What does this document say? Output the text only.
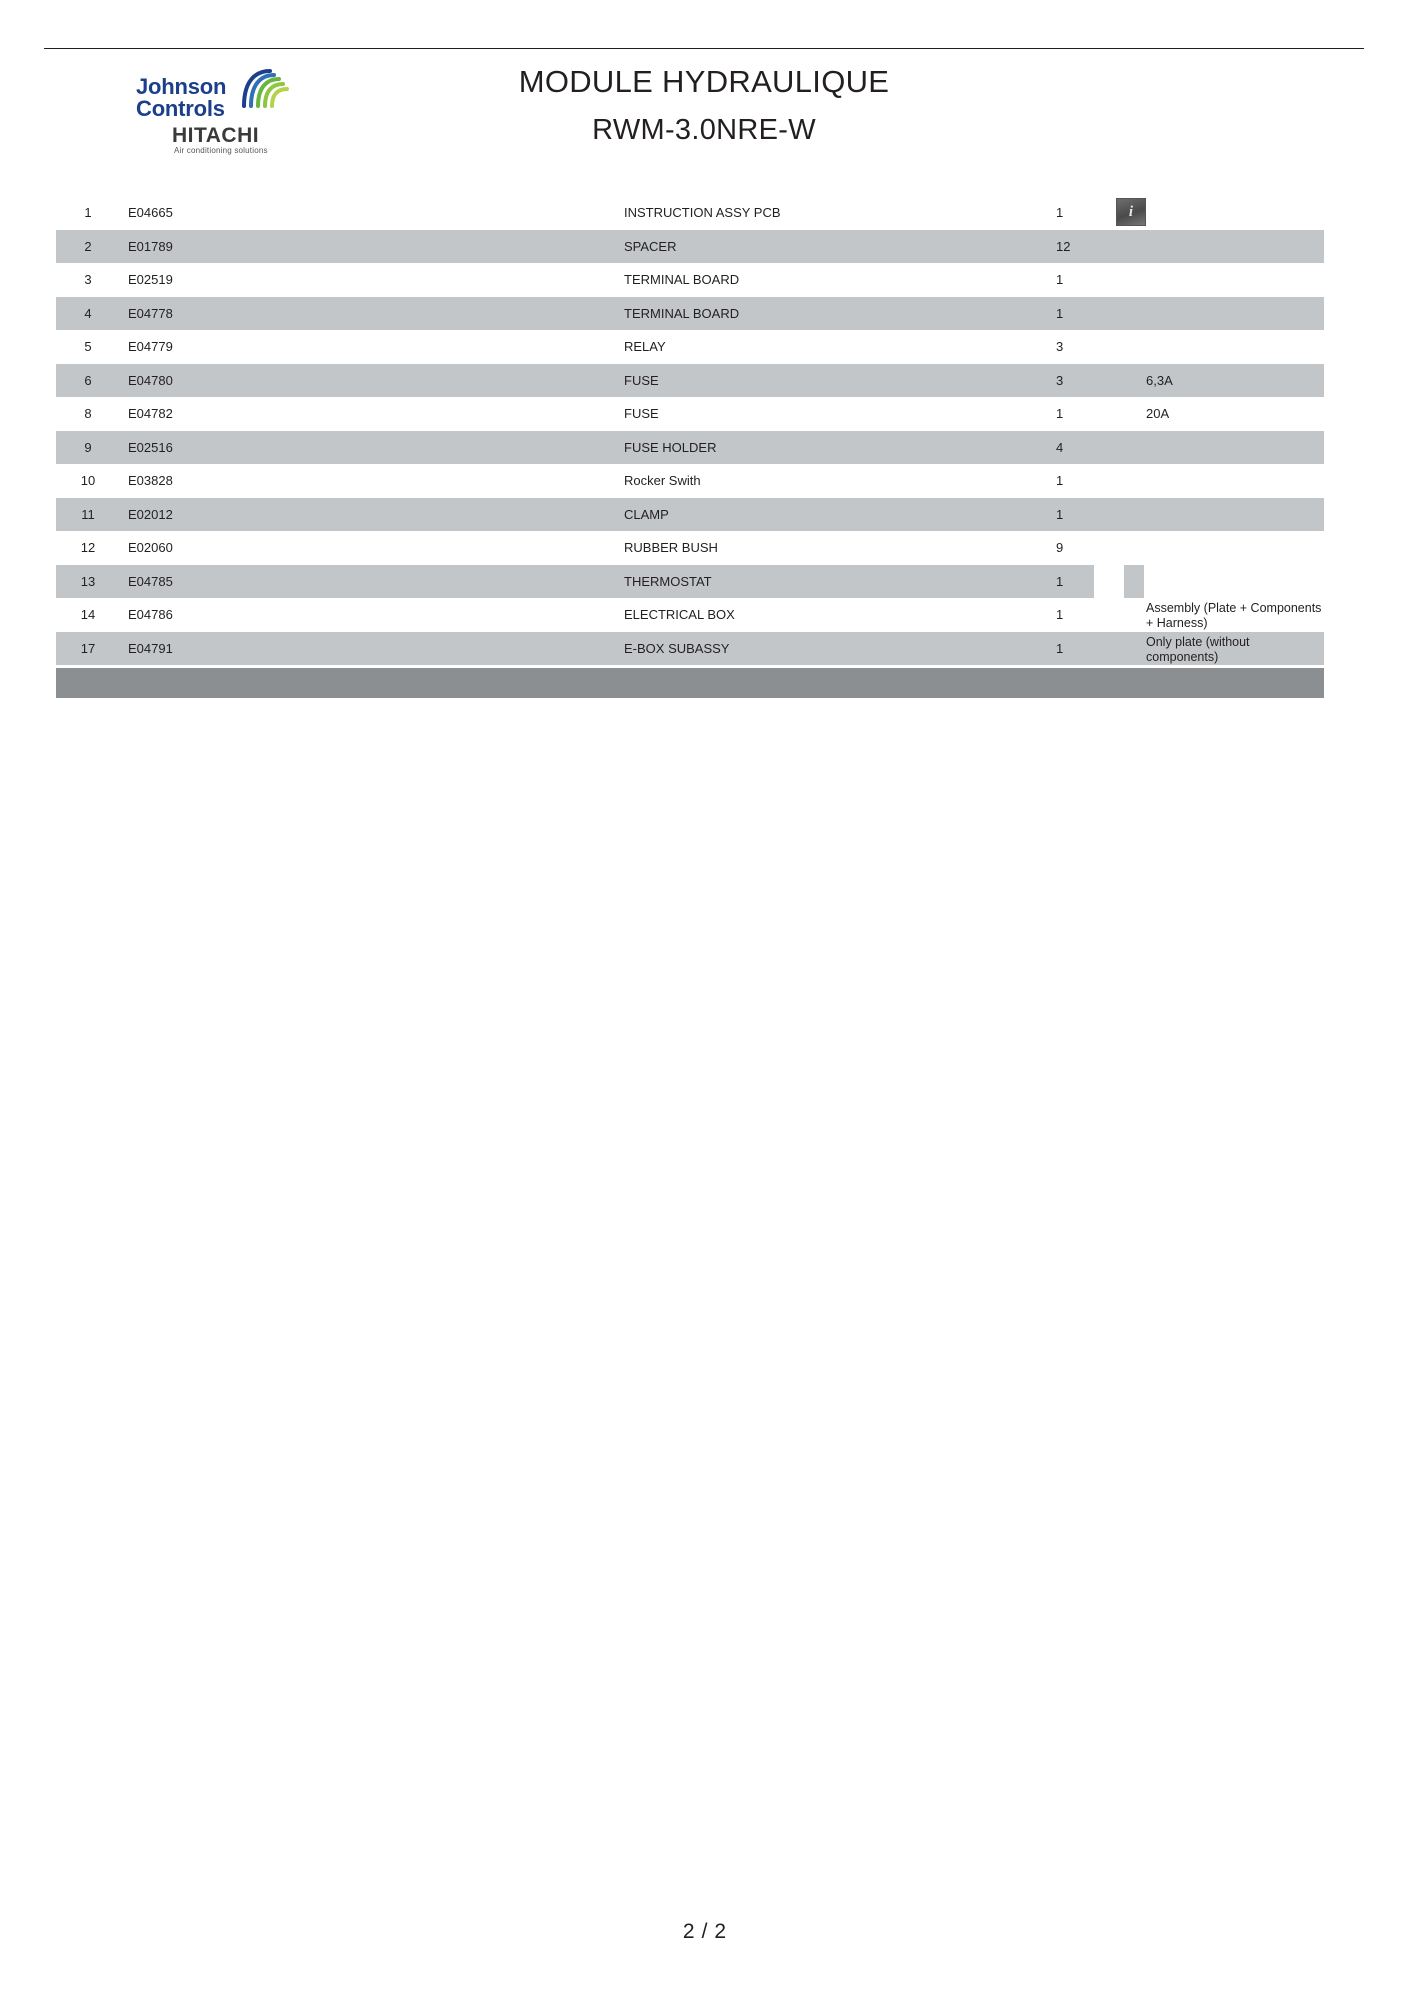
Johnson
Controls
HITACHI
Air conditioning solutions
MODULE HYDRAULIQUE
RWM-3.0NRE-W
1	E04665	INSTRUCTION ASSY PCB	1	i
2	E01789	SPACER	12
3	E02519	TERMINAL BOARD	1
4	E04778	TERMINAL BOARD	1
5	E04779	RELAY	3
6	E04780	FUSE	3	6,3A
8	E04782	FUSE	1	20A
9	E02516	FUSE HOLDER	4
10	E03828	Rocker Swith	1
11	E02012	CLAMP	1
12	E02060	RUBBER BUSH	9
13	E04785	THERMOSTAT	1
14	E04786	ELECTRICAL BOX	1	Assembly (Plate + Components + Harness)
17	E04791	E-BOX SUBASSY	1	Only plate (without components)
2 / 2
